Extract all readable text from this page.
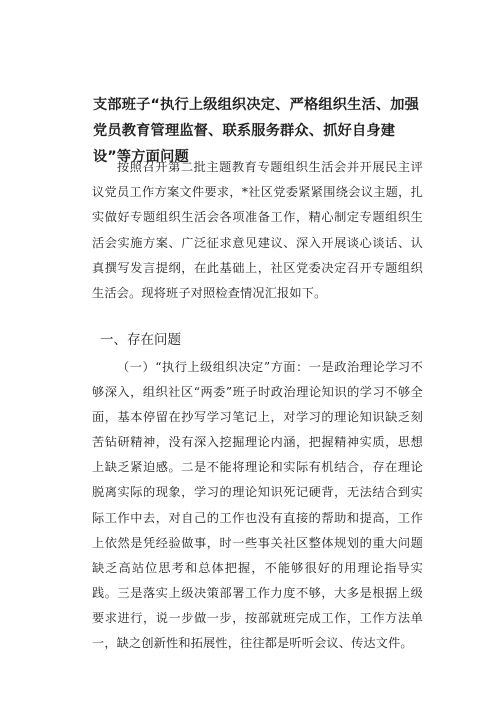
支部班子“执行上级组织决定、严格组织生活、加强党员教育管理监督、联系服务群众、抓好自身建设”等方面问题

按照召开第二批主题教育专题组织生活会并开展民主评议党员工作方案文件要求，*社区党委紧紧围绕会议主题，扎实做好专题组织生活会各项准备工作，精心制定专题组织生活会实施方案、广泛征求意见建议、深入开展谈心谈话、认真撰写发言提纲，在此基础上，社区党委决定召开专题组织生活会。现将班子对照检查情况汇报如下。

一、存在问题

（一）“执行上级组织决定”方面：一是政治理论学习不够深入，组织社区“两委”班子时政治理论知识的学习不够全面，基本停留在抄写学习笔记上，对学习的理论知识缺乏刻苦钻研精神，没有深入挖掘理论内涵，把握精神实质，思想上缺乏紧迫感。二是不能将理论和实际有机结合，存在理论脱离实际的现象，学习的理论知识死记硬背，无法结合到实际工作中去，对自己的工作也没有直接的帮助和提高，工作上依然是凭经验做事，时一些事关社区整体规划的重大问题缺乏高站位思考和总体把握，不能够很好的用理论指导实践。三是落实上级决策部署工作力度不够，大多是根据上级要求进行，说一步做一步，按部就班完成工作，工作方法单一，缺之创新性和拓展性，往往都是听听会议、传达文件。
